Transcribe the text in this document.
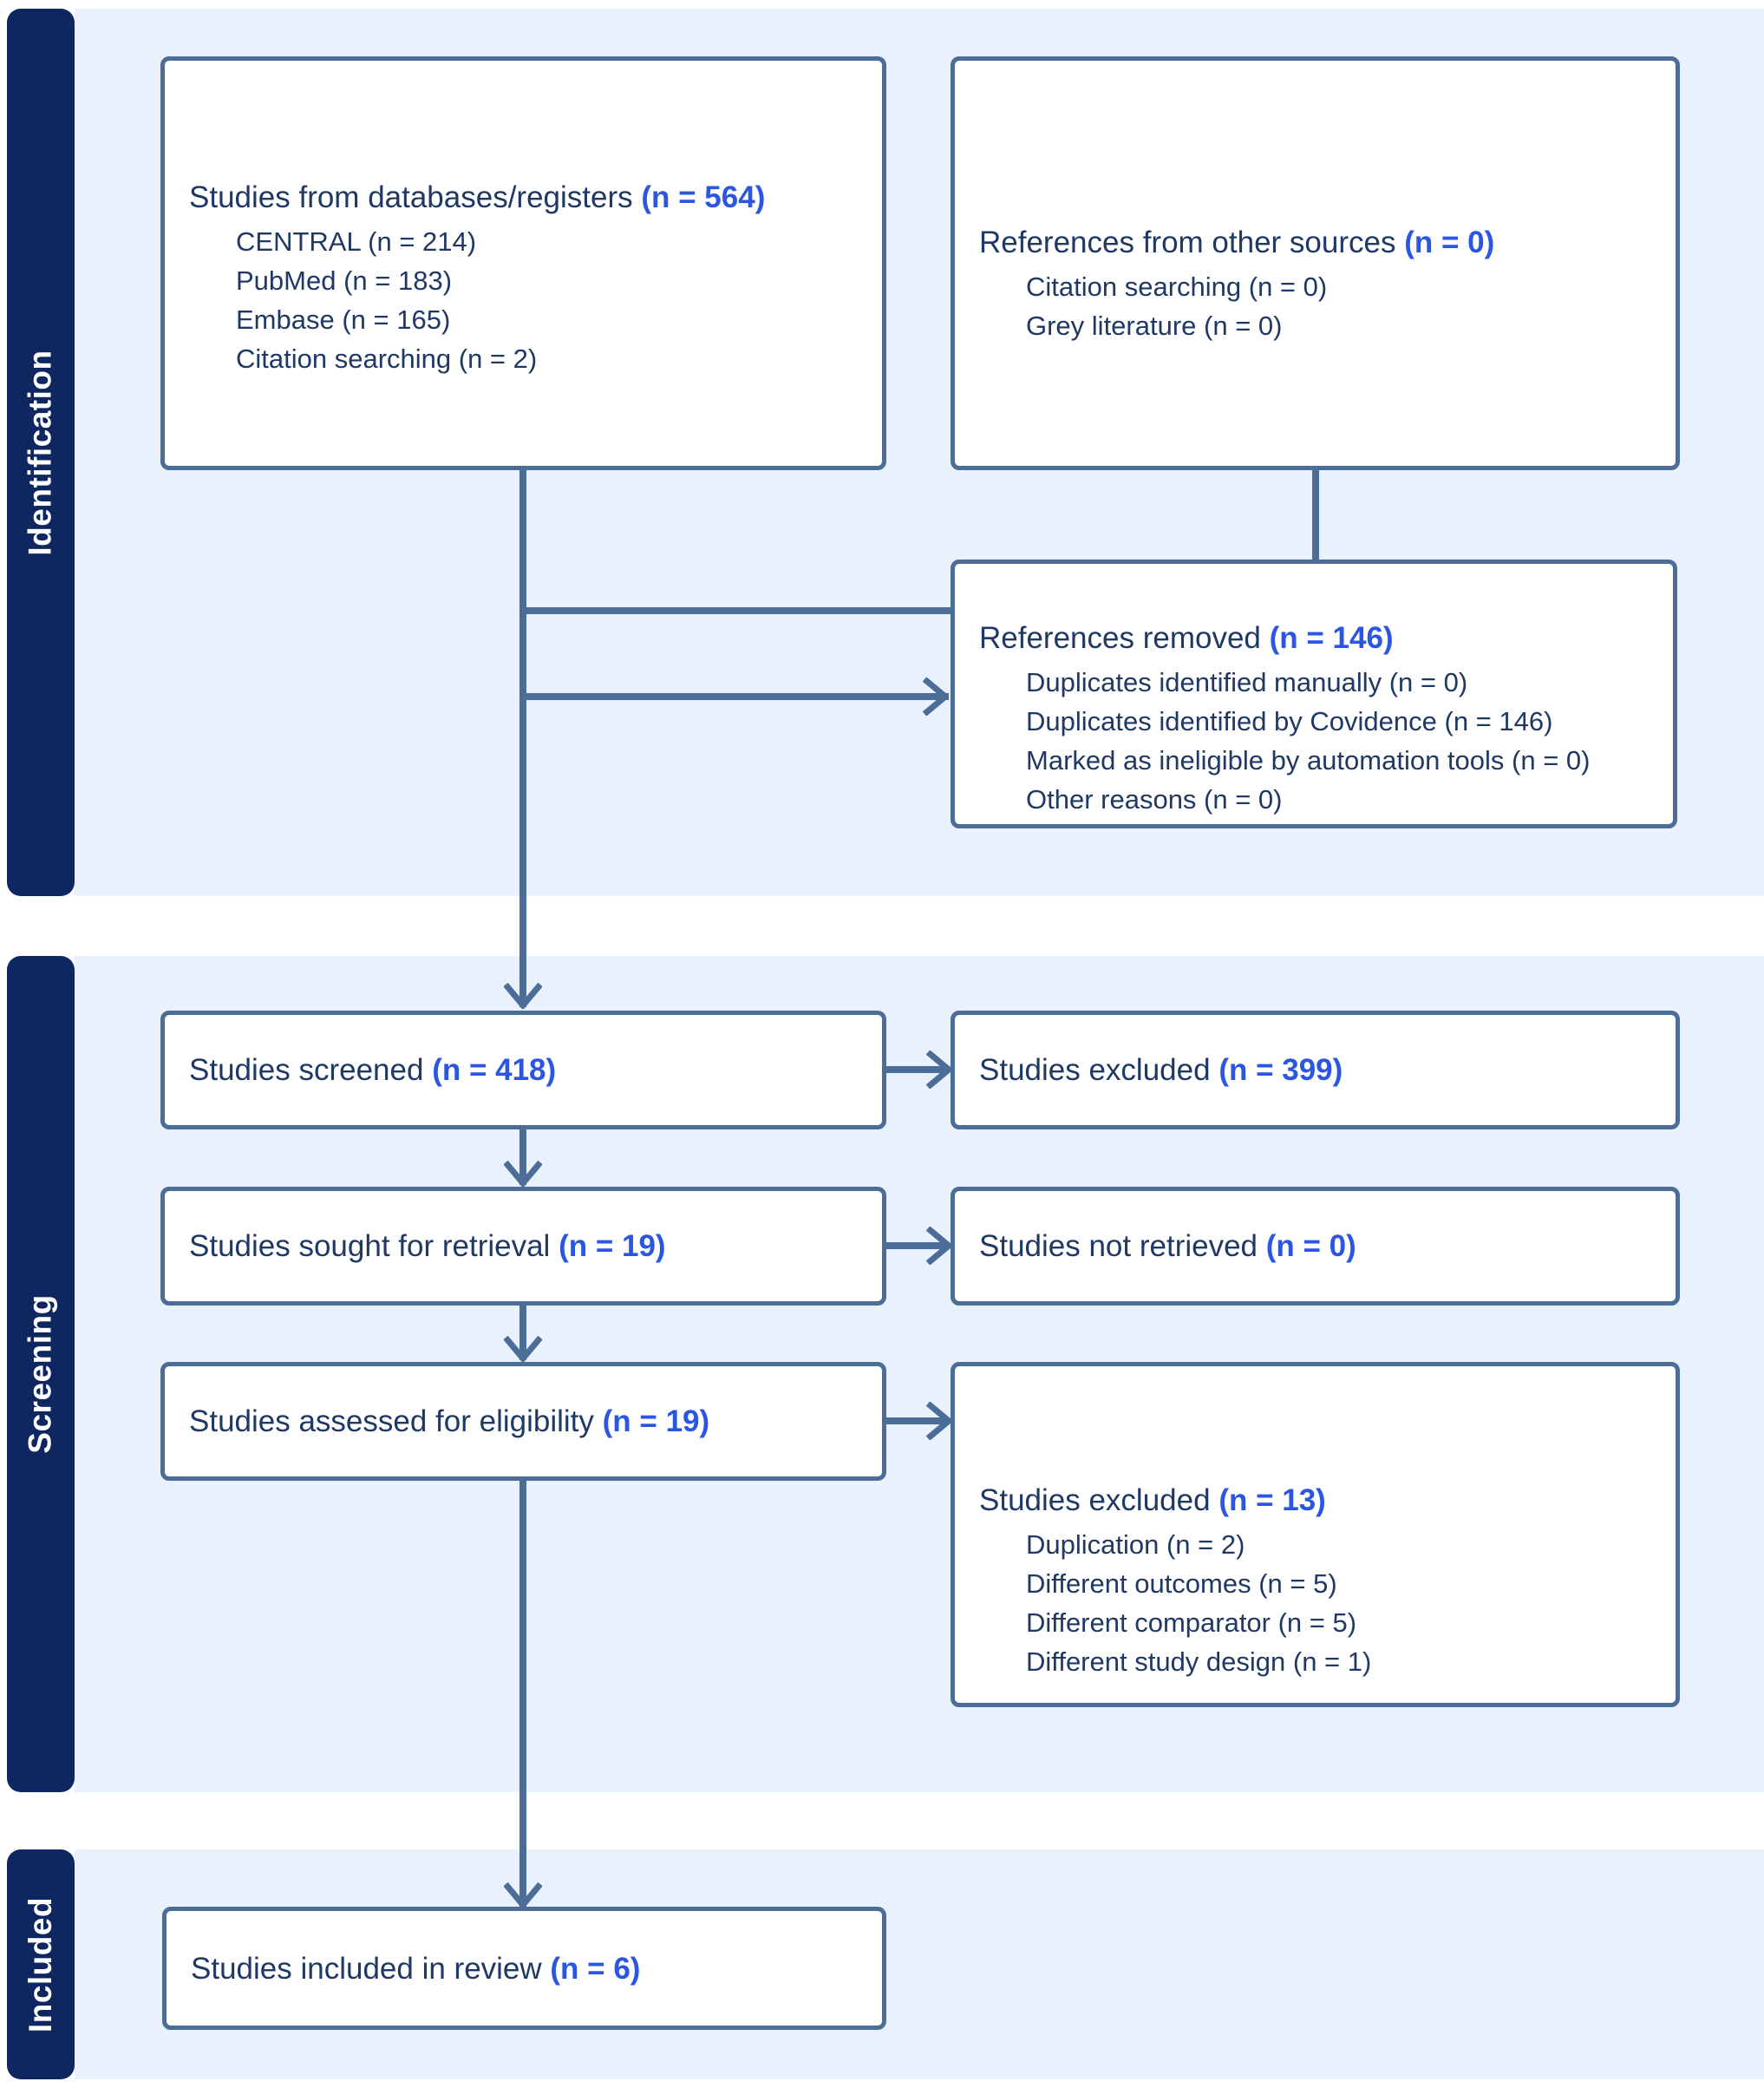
Identification
Screening
Included
Studies from databases/registers (n = 564)
CENTRAL (n = 214)
PubMed (n = 183)
Embase (n = 165)
Citation searching (n = 2)
References from other sources (n = 0)
Citation searching (n = 0)
Grey literature (n = 0)
References removed (n = 146)
Duplicates identified manually (n = 0)
Duplicates identified by Covidence (n = 146)
Marked as ineligible by automation tools (n = 0)
Other reasons (n = 0)
Studies screened (n = 418)	Studies excluded (n = 399)
Studies sought for retrieval (n = 19)	Studies not retrieved (n = 0)
Studies assessed for eligibility (n = 19)
Studies excluded (n = 13)
Duplication (n = 2)
Different outcomes (n = 5)
Different comparator (n = 5)
Different study design (n = 1)
Studies included in review (n = 6)
